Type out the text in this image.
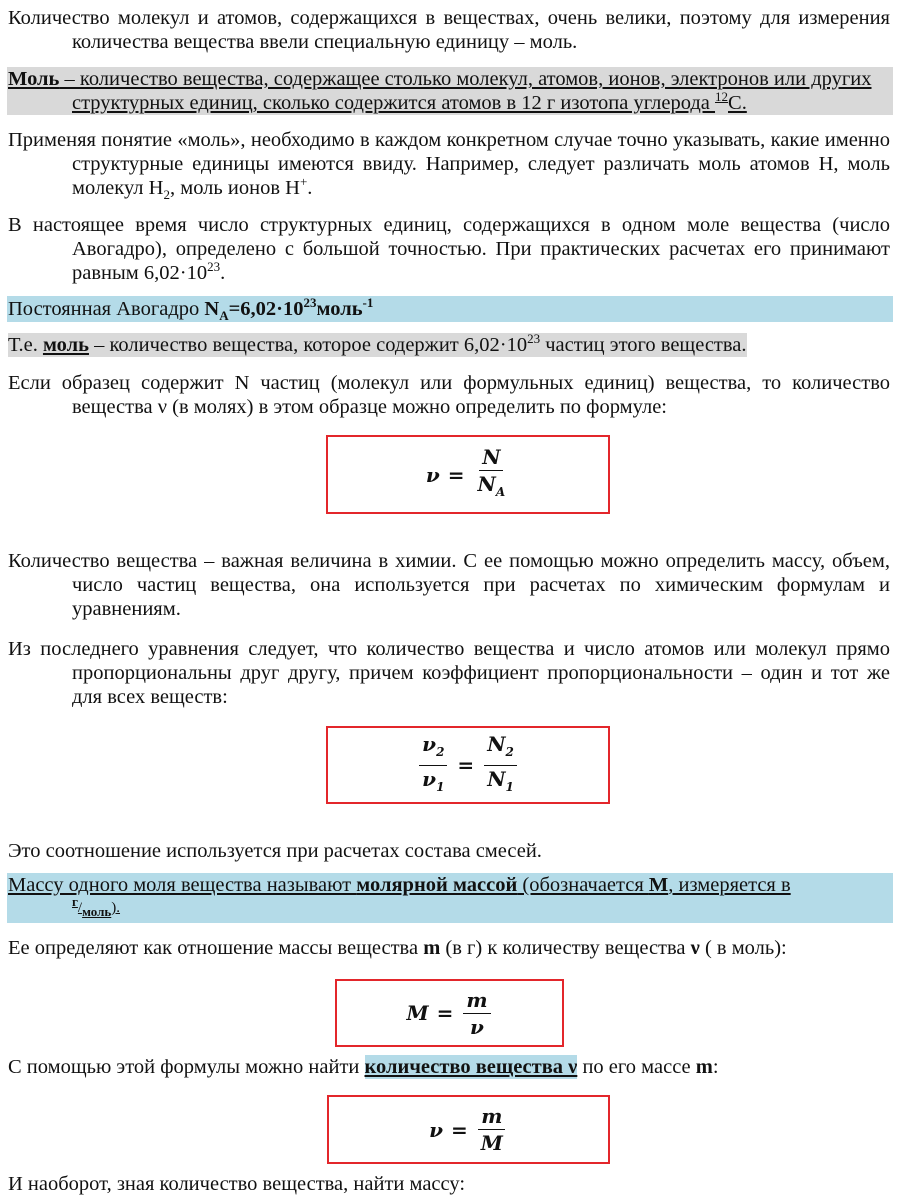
Количество молекул и атомов, содержащихся в веществах, очень велики, поэтому для измерения количества вещества ввели специальную единицу – моль.
Моль – количество вещества, содержащее столько молекул, атомов, ионов, электронов или других структурных единиц, сколько содержится атомов в 12 г изотопа углерода $^{12}$C.
Применяя понятие «моль», необходимо в каждом конкретном случае точно указывать, какие именно структурные единицы имеются ввиду. Например, следует различать моль атомов Н, моль молекул $Н_2$, моль ионов Н+.
В настоящее время число структурных единиц, содержащихся в одном моле вещества (число Авогадро), определено с большой точностью. При практических расчетах его принимают равным $6,02\cdot 10^{23}$.
Постоянная Авогадро $N_A=6,02\cdot 10^{23}моль^{-1}$
Т.е. моль – количество вещества, которое содержит $6,02\cdot 10^{23}$ частиц этого вещества.
Если образец содержит N частиц (молекул или формульных единиц) вещества, то количество вещества ν (в молях) в этом образце можно определить по формуле:
$\nu = \frac{N}{N_A}$
Количество вещества – важная величина в химии. С ее помощью можно определить массу, объем, число частиц вещества, она используется при расчетах по химическим формулам и уравнениям.
Из последнего уравнения следует, что количество вещества и число атомов или молекул прямо пропорциональны друг другу, причем коэффициент пропорциональности – один и тот же для всех веществ:
$\frac{\nu_2}{\nu_1} = \frac{N_2}{N_1}$
Это соотношение используется при расчетах состава смесей.
Массу одного моля вещества называют молярной массой (обозначается М, измеряется в
$^г/_{моль}$).
Ее определяют как отношение массы вещества m (в г) к количеству вещества ν ( в моль):
$M = \frac{m}{\nu}$
С помощью этой формулы можно найти количество вещества ν по его массе m:
$\nu = \frac{m}{M}$
И наоборот, зная количество вещества, найти массу:
